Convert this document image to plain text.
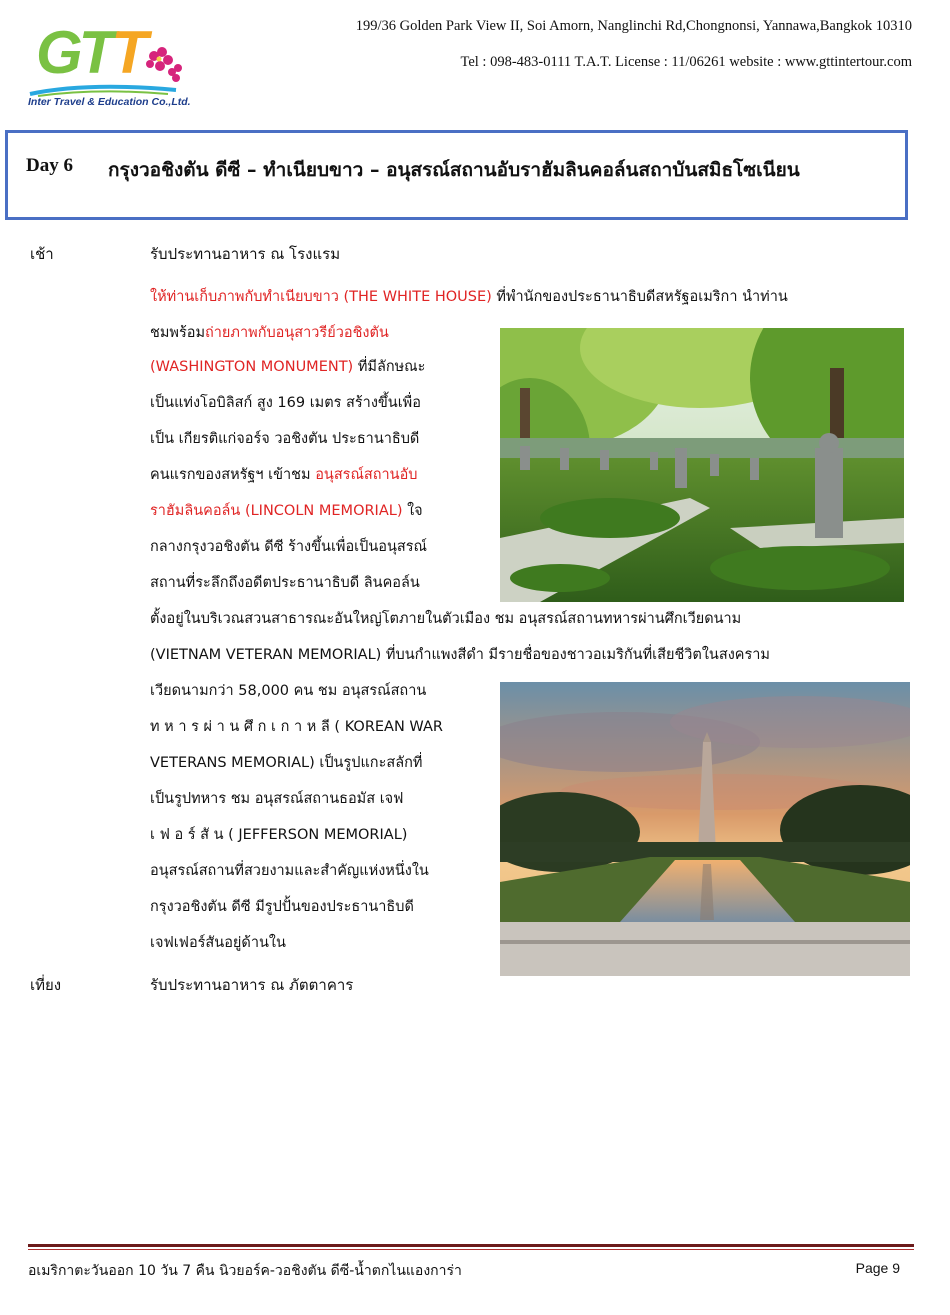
GTT
Inter Travel & Education Co.,Ltd.
199/36 Golden Park View II, Soi Amorn, Nanglinchi Rd,Chongnonsi, Yannawa,Bangkok 10310
Tel : 098-483-0111 T.A.T. License : 11/06261 website : www.gttintertour.com
Day 6 กรุงวอชิงตัน ดีซี – ทำเนียบขาว – อนุสรณ์สถานอับราฮัมลินคอล์นสถาบันสมิธโซเนียน
เช้า	รับประทานอาหาร ณ โรงแรม
ให้ท่านเก็บภาพกับทำเนียบขาว (THE WHITE HOUSE) ที่พำนักของประธานาธิบดีสหรัฐอเมริกา นำท่าน
ชมพร้อมถ่ายภาพกับอนุสาวรีย์วอชิงตัน
(WASHINGTON MONUMENT) ที่มีลักษณะ
เป็นแท่งโอบิลิสก์ สูง 169 เมตร สร้างขึ้นเพื่อ
เป็น เกียรติแก่จอร์จ วอชิงตัน ประธานาธิบดี
คนแรกของสหรัฐฯ เข้าชม อนุสรณ์สถานอับ
ราฮัมลินคอล์น (LINCOLN MEMORIAL) ใจ
กลางกรุงวอชิงตัน ดีซี ร้างขึ้นเพื่อเป็นอนุสรณ์
สถานที่ระลึกถึงอดีตประธานาธิบดี ลินคอล์น
ตั้งอยู่ในบริเวณสวนสาธารณะอันใหญ่โตภายในตัวเมือง ชม อนุสรณ์สถานทหารผ่านศึกเวียดนาม
(VIETNAM VETERAN MEMORIAL) ที่บนกำแพงสีดำ มีรายชื่อของชาวอเมริกันที่เสียชีวิตในสงคราม
เวียดนามกว่า 58,000 คน ชม อนุสรณ์สถาน
ท ห า ร ผ่ า น ศึ ก เ ก า ห ลี ( KOREAN WAR
VETERANS MEMORIAL) เป็นรูปแกะสลักที่
เป็นรูปทหาร ชม อนุสรณ์สถานธอมัส เจฟ
เ ฟ อ ร์ สั น ( JEFFERSON MEMORIAL)
อนุสรณ์สถานที่สวยงามและสำคัญแห่งหนึ่งใน
กรุงวอชิงตัน ดีซี มีรูปปั้นของประธานาธิบดี
เจฟเฟอร์สันอยู่ด้านใน
เที่ยง	รับประทานอาหาร ณ ภัตตาคาร
อเมริกาตะวันออก 10 วัน 7 คืน นิวยอร์ค-วอชิงตัน ดีซี-น้ำตกไนแองการ่า	Page 9
